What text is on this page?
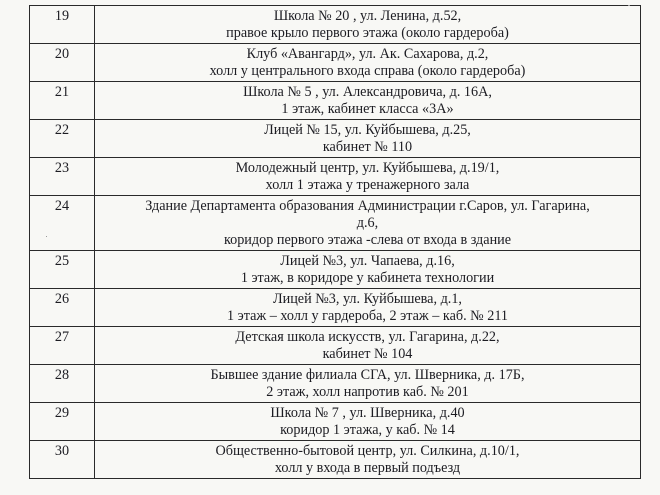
19	Школа № 20 , ул. Ленина, д.52,
правое крыло первого этажа (около гардероба)

20	Клуб «Авангард», ул. Ак. Сахарова, д.2,
холл у центрального входа справа (около гардероба)

21	Школа № 5 , ул. Александровича, д. 16А,
1 этаж, кабинет класса «3А»

22	Лицей № 15, ул. Куйбышева, д.25,
кабинет № 110

23	Молодежный центр, ул. Куйбышева, д.19/1,
холл 1 этажа у тренажерного зала

24	Здание Департамента образования Администрации г.Саров, ул. Гагарина,
д.6,
коридор первого этажа -слева от входа в здание

25	Лицей №3, ул. Чапаева, д.16,
1 этаж, в коридоре у кабинета технологии

26	Лицей №3, ул. Куйбышева, д.1,
1 этаж – холл у гардероба, 2 этаж – каб. № 211

27	Детская школа искусств, ул. Гагарина, д.22,
кабинет № 104

28	Бывшее здание филиала СГА, ул. Шверника, д. 17Б,
2 этаж, холл напротив каб. № 201

29	Школа № 7 , ул. Шверника, д.40
коридор 1 этажа, у каб. № 14

30	Общественно-бытовой центр, ул. Силкина, д.10/1,
холл у входа в первый подъезд
